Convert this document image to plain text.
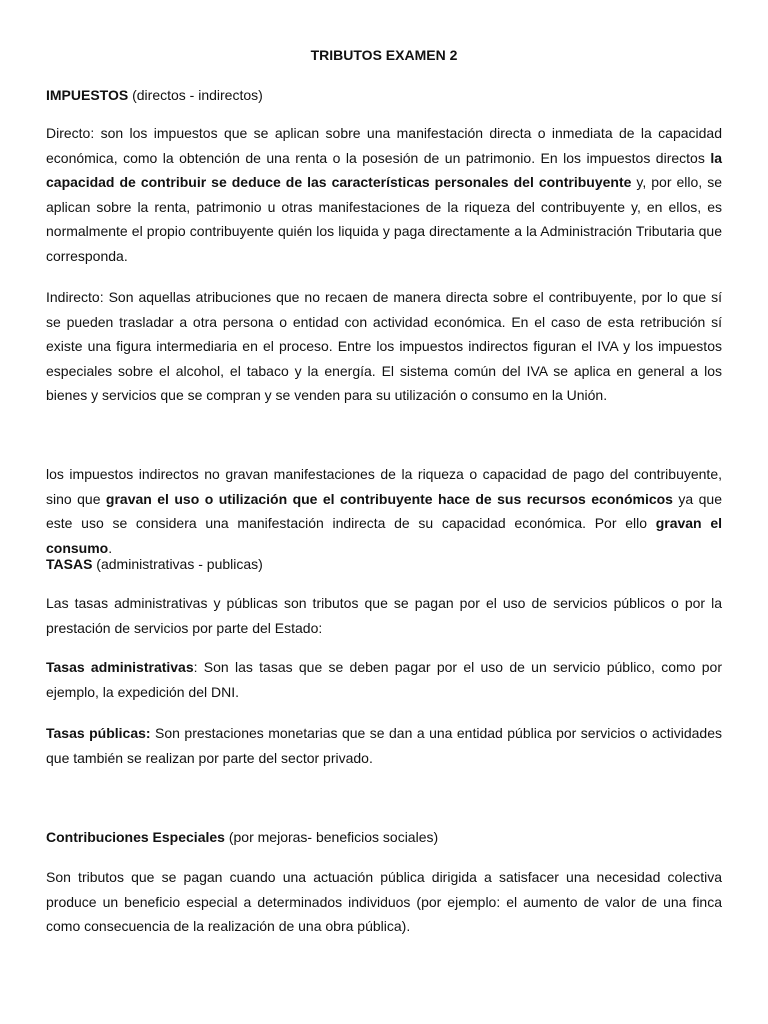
TRIBUTOS EXAMEN 2
IMPUESTOS (directos - indirectos)
Directo: son los impuestos que se aplican sobre una manifestación directa o inmediata de la capacidad económica, como la obtención de una renta o la posesión de un patrimonio. En los impuestos directos la capacidad de contribuir se deduce de las características personales del contribuyente y, por ello, se aplican sobre la renta, patrimonio u otras manifestaciones de la riqueza del contribuyente y, en ellos, es normalmente el propio contribuyente quién los liquida y paga directamente a la Administración Tributaria que corresponda.
Indirecto: Son aquellas atribuciones que no recaen de manera directa sobre el contribuyente, por lo que sí se pueden trasladar a otra persona o entidad con actividad económica. En el caso de esta retribución sí existe una figura intermediaria en el proceso. Entre los impuestos indirectos figuran el IVA y los impuestos especiales sobre el alcohol, el tabaco y la energía. El sistema común del IVA se aplica en general a los bienes y servicios que se compran y se venden para su utilización o consumo en la Unión.
los impuestos indirectos no gravan manifestaciones de la riqueza o capacidad de pago del contribuyente, sino que gravan el uso o utilización que el contribuyente hace de sus recursos económicos ya que este uso se considera una manifestación indirecta de su capacidad económica. Por ello gravan el consumo.
TASAS (administrativas - publicas)
Las tasas administrativas y públicas son tributos que se pagan por el uso de servicios públicos o por la prestación de servicios por parte del Estado:
Tasas administrativas: Son las tasas que se deben pagar por el uso de un servicio público, como por ejemplo, la expedición del DNI.
Tasas públicas: Son prestaciones monetarias que se dan a una entidad pública por servicios o actividades que también se realizan por parte del sector privado.
Contribuciones Especiales (por mejoras- beneficios sociales)
Son tributos que se pagan cuando una actuación pública dirigida a satisfacer una necesidad colectiva produce un beneficio especial a determinados individuos (por ejemplo: el aumento de valor de una finca como consecuencia de la realización de una obra pública).
